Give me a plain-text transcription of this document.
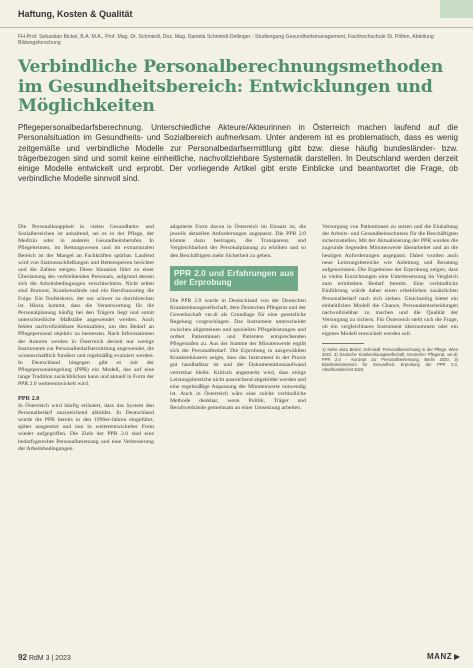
Haftung, Kosten & Qualität
FH-Prof. Sebastian Bickel, B.A. M.A., Prof. Mag. Dr. Schmiedl, Doz. Mag. Daniela Schmiedl-Dellinger - Studiengang Gesundheitsmanagement, Fachhochschule St. Pölten, Abteilung Bildungsforschung
Verbindliche Personalberechnungsmethoden im Gesundheitsbereich: Entwicklungen und Möglichkeiten

Pflegepersonalbedarfsberechnung. Unterschiedliche Akteure/Akteurinnen in Österreich machen laufend auf die Personalsituation im Gesundheits- und Sozialbereich aufmerksam. Unter anderem ist es problematisch, dass es wenig zeitgemäße und verbindliche Modelle zur Personalbedarfsermittlung gibt bzw. diese häufig bundesländer- bzw. trägerbezogen sind und somit keine einheitliche, nachvollziehbare Systematik darstellen. In Deutschland werden derzeit einige Modelle entwickelt und erprobt. Der vorliegende Artikel gibt erste Einblicke und beantwortet die Frage, ob verbindliche Modelle sinnvoll sind.

Die Personalknappheit in vielen Gesundheits- und Sozialbereichen ist anhaltend, sei es in der Pflege, der Medizin oder in anderen Gesundheitsberufen. In Pflegeheimen, im Rettungswesen und im extramuralen Bereich ist der Mangel an Fachkräften spürbar. Laufend wird von Stationsschließungen und Bettensperren berichtet und die Zahlen steigen. Diese Situation führt zu einer Überlastung des verbleibenden Personals, aufgrund dessen sich die Arbeitsbedingungen verschlechtern. Nicht selten sind Burnout, Krankenstände und ein Berufsausstieg die Folge. Ein Teufelskreis, der nur schwer zu durchbrechen ist. Hinzu kommt, dass die Verantwortung für die Personalplanung häufig bei den Trägern liegt und somit unterschiedliche Maßstäbe angewendet werden. Auch fehlen nachvollziehbare Kennzahlen, um den Bedarf an Pflegepersonal objektiv zu bemessen. Nach Informationen der Autoren werden in Österreich derzeit nur wenige Instrumente zur Personalbedarfsermittlung angewendet, die wissenschaftlich fundiert und regelmäßig evaluiert werden. In Deutschland hingegen gibt es mit der Pflegepersonalregelung (PPR) ein Modell, das auf eine lange Tradition zurückblicken kann und aktuell in Form der PPR 2.0 weiterentwickelt wird.

PPR 2.0

In Österreich wird häufig erläutert, dass das System den Personalbedarf unzureichend abbildet. In Deutschland wurde die PPR bereits in den 1990er-Jahren eingeführt, später ausgesetzt und nun in weiterentwickelter Form wieder aufgegriffen. Die Ziele der PPR 2.0 sind eine bedarfsgerechte Personalbesetzung und eine Verbesserung der Arbeitsbedingungen.

adaptierte Form davon in Österreich im Einsatz ist, die jeweils aktuellen Anforderungen angepasst. Die PPR 2.0 könnte dazu beitragen, die Transparenz und Vergleichbarkeit der Personalplanung zu erhöhen und so den Beschäftigten mehr Sicherheit zu geben.

PPR 2.0 und Erfahrungen aus der Erprobung

Die PPR 2.0 wurde in Deutschland von der Deutschen Krankenhausgesellschaft, dem Deutschen Pflegerat und der Gewerkschaft ver.di als Grundlage für eine gesetzliche Regelung vorgeschlagen. Das Instrument unterscheidet zwischen allgemeinen und speziellen Pflegeleistungen und ordnet Patientinnen und Patienten entsprechenden Pflegestufen zu. Aus der Summe der Minutenwerte ergibt sich der Personalbedarf. Die Erprobung in ausgewählten Krankenhäusern zeigte, dass das Instrument in der Praxis gut handhabbar ist und der Dokumentationsaufwand vertretbar bleibt. Kritisch angemerkt wird, dass einige Leistungsbereiche nicht ausreichend abgebildet werden und eine regelmäßige Anpassung der Minutenwerte notwendig ist. Auch in Österreich wäre eine solche verbindliche Methode denkbar, wenn Politik, Träger und Berufsverbände gemeinsam an einer Umsetzung arbeiten.

Versorgung von Patientinnen zu setzen und die Einhaltung der Arbeits- und Gesundheitsschutzes für die Beschäftigten sicherzustellen. Mit der Aktualisierung der PPR wurden die zugrunde liegenden Minutenwerte überarbeitet und an die heutigen Anforderungen angepasst. Dabei wurden auch neue Leistungsbereiche wie Anleitung und Beratung aufgenommen. Die Ergebnisse der Erprobung zeigen, dass in vielen Einrichtungen eine Unterbesetzung im Vergleich zum ermittelten Bedarf besteht. Eine verbindliche Einführung würde daher einen erheblichen zusätzlichen Personalbedarf nach sich ziehen. Gleichzeitig bietet ein einheitliches Modell die Chance, Personalentscheidungen nachvollziehbar zu machen und die Qualität der Versorgung zu sichern. Für Österreich stellt sich die Frage, ob ein vergleichbares Instrument übernommen oder ein eigenes Modell entwickelt werden soll.

1) Siehe dazu Bickel, Schmiedl: Personalberechnung in der Pflege, Wien 2022. 2) Deutsche Krankenhausgesellschaft, Deutscher Pflegerat, ver.di: PPR 2.0 - Konzept zur Personalbemessung, Berlin 2020. 3) Bundesministerium für Gesundheit: Erprobung der PPR 2.0, Abschlussbericht 2023.

92 RdM 3 | 2023	MANZ
